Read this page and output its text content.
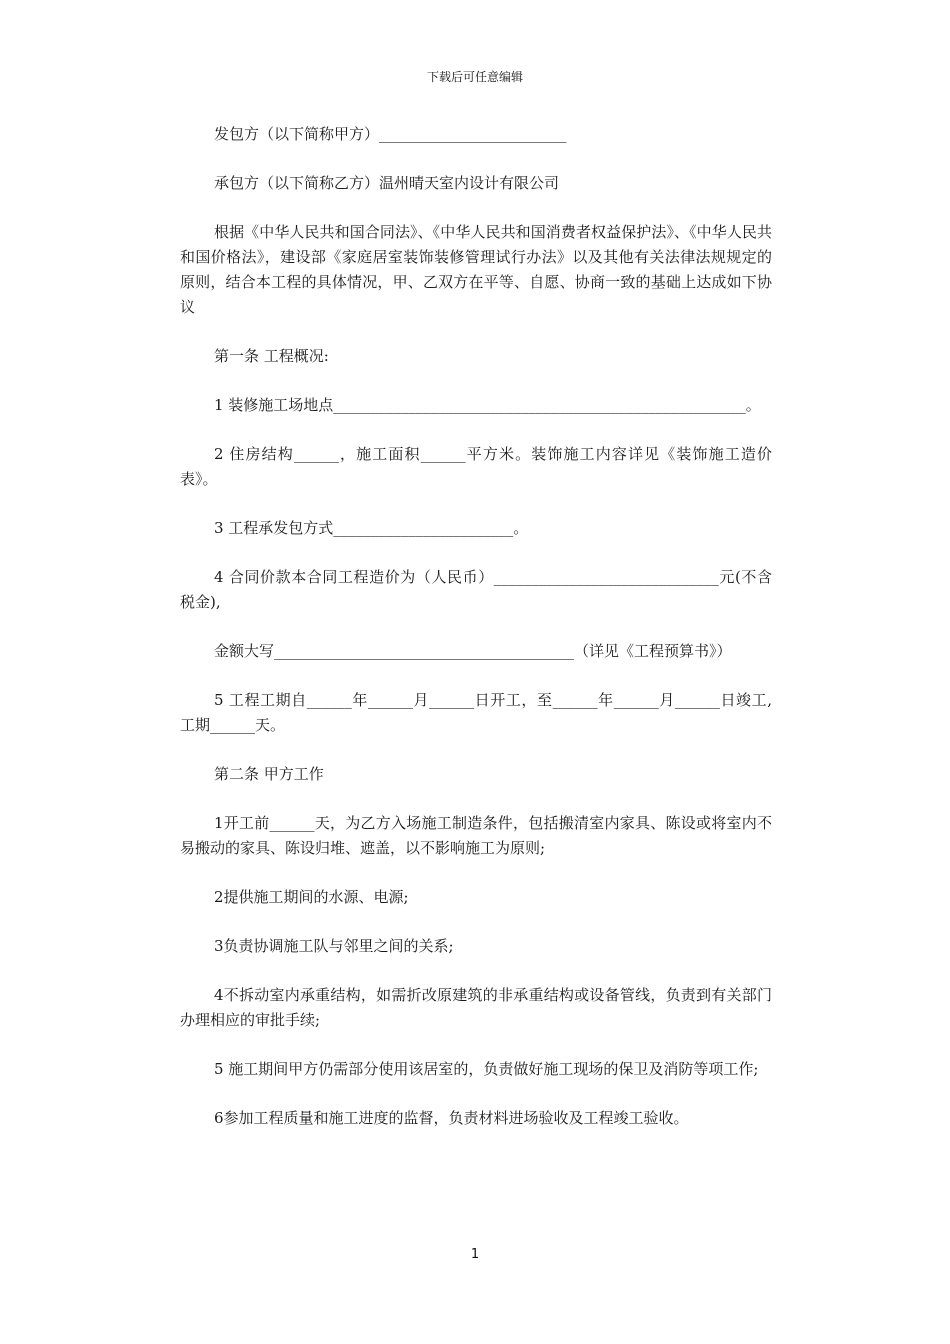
下载后可任意编辑

发包方（以下简称甲方）_________________________

承包方（以下简称乙方）温州晴天室内设计有限公司

根据《中华人民共和国合同法》、《中华人民共和国消费者权益保护法》、《中华人民共和国价格法》，建设部《家庭居室装饰装修管理试行办法》以及其他有关法律法规规定的原则，结合本工程的具体情况，甲、乙双方在平等、自愿、协商一致的基础上达成如下协议

第一条 工程概况:

1 装修施工场地点_______________________________________________________。

2 住房结构______，施工面积______平方米。装饰施工内容详见《装饰施工造价表》。

3 工程承发包方式________________________。

4 合同价款本合同工程造价为（人民币）______________________________元(不含税金),

金额大写________________________________________（详见《工程预算书》）

5 工程工期自______年______月______日开工，至______年______月______日竣工,工期______天。

第二条 甲方工作

1开工前______天，为乙方入场施工制造条件，包括搬清室内家具、陈设或将室内不易搬动的家具、陈设归堆、遮盖，以不影响施工为原则;

2提供施工期间的水源、电源;

3负责协调施工队与邻里之间的关系;

4不拆动室内承重结构，如需折改原建筑的非承重结构或设备管线，负责到有关部门办理相应的审批手续;

5 施工期间甲方仍需部分使用该居室的，负责做好施工现场的保卫及消防等项工作;

6参加工程质量和施工进度的监督，负责材料进场验收及工程竣工验收。

1
